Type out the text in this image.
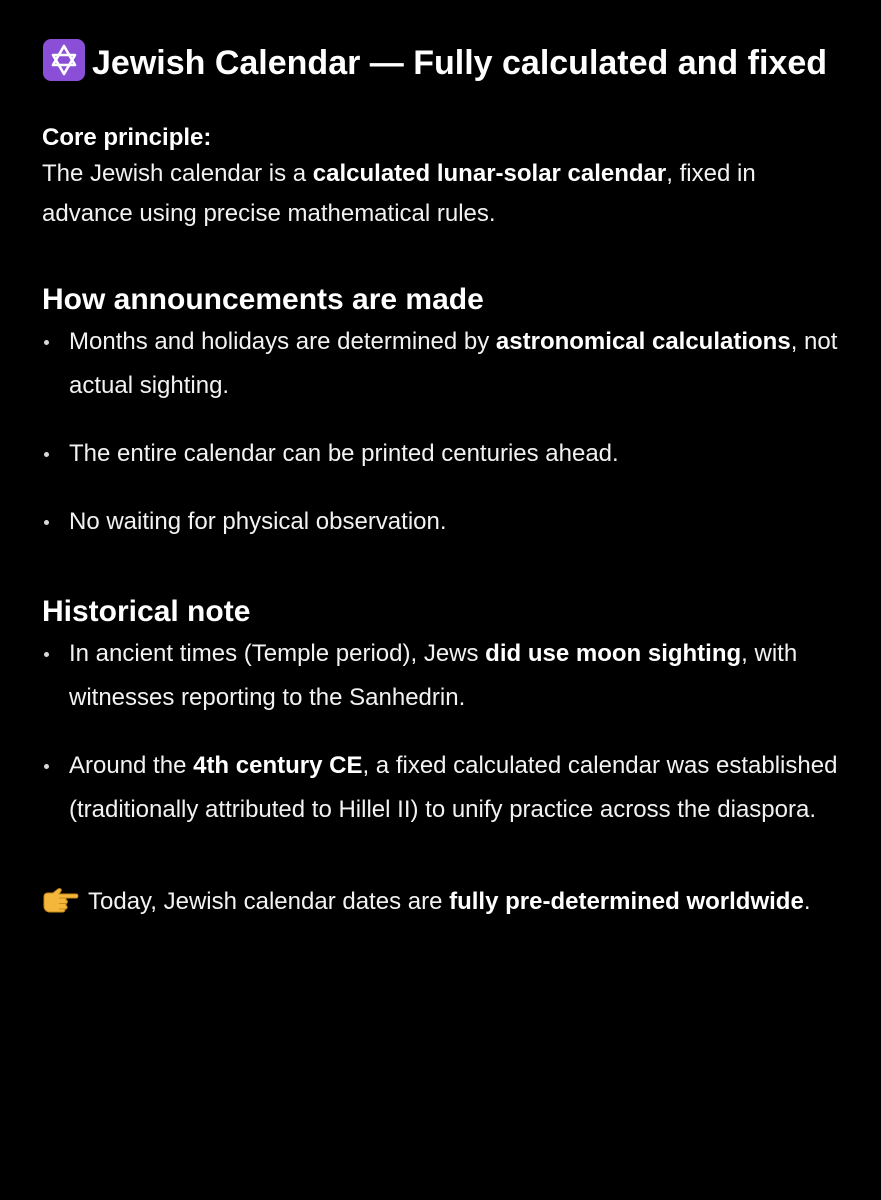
Jewish Calendar — Fully calculated and fixed
Core principle:
The Jewish calendar is a calculated lunar-solar calendar, fixed in advance using precise mathematical rules.
How announcements are made
Months and holidays are determined by astronomical calculations, not actual sighting.
The entire calendar can be printed centuries ahead.
No waiting for physical observation.
Historical note
In ancient times (Temple period), Jews did use moon sighting, with witnesses reporting to the Sanhedrin.
Around the 4th century CE, a fixed calculated calendar was established (traditionally attributed to Hillel II) to unify practice across the diaspora.
Today, Jewish calendar dates are fully pre-determined worldwide.
